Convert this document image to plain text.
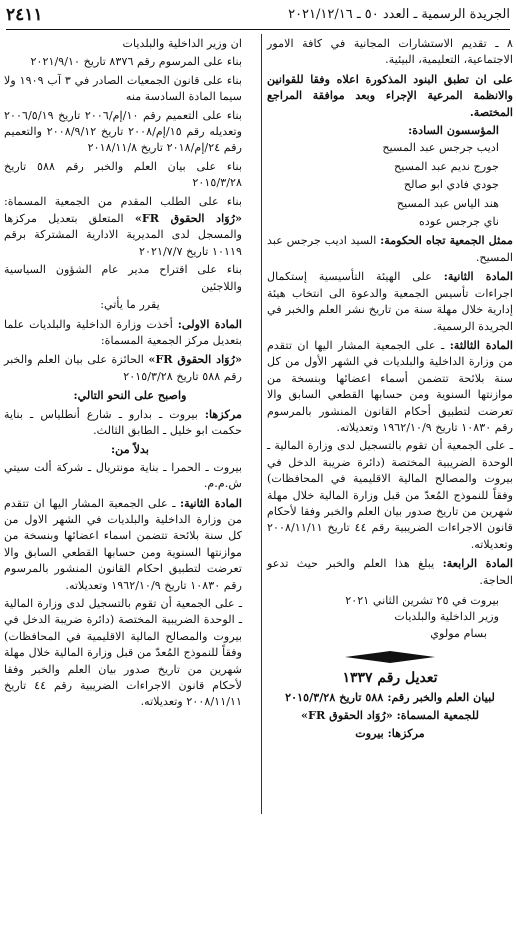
٢٤١١	الجريدة الرسمية ـ العدد ٥٠ ـ ٢٠٢١/١٢/١٦

٨ ـ تقديم الاستشارات المجانية في كافة الامور الاجتماعية، التعليمية، البيئية.

على ان تطبق البنود المذكورة اعلاه وفقا للقوانين والانظمة المرعية الإجراء وبعد موافقة المراجع المختصة.

المؤسسون السادة:

اديب جرجس عبد المسيح

جورج نديم عبد المسيح

جودي فادي ابو صالح

هند الياس عبد المسيح

ناي جرجس عوده

ممثل الجمعية تجاه الحكومة: السيد اديب جرجس عبد المسيح.

المادة الثانية: على الهيئة التأسيسية إستكمال اجراءات تأسيس الجمعية والدعوة الى انتخاب هيئة إدارية خلال مهلة سنة من تاريخ نشر العلم والخبر في الجريدة الرسمية.

المادة الثالثة: ـ على الجمعية المشار اليها ان تتقدم من وزارة الداخلية والبلديات في الشهر الأول من كل سنة بلائحة تتضمن أسماء اعضائها وبنسخة من موازنتها السنوية ومن حسابها القطعي السابق والا تعرضت لتطبيق أحكام القانون المنشور بالمرسوم رقم ١٠٨٣٠ تاريخ ١٩٦٢/١٠/٩ وتعديلاته.

ـ على الجمعية أن تقوم بالتسجيل لدى وزارة المالية ـ الوحدة الضريبية المختصة (دائرة ضريبة الدخل في بيروت والمصالح المالية الاقليمية في المحافظات) وفقاً للنموذج المُعدّ من قبل وزارة المالية خلال مهلة شهرين من تاريخ صدور بيان العلم والخبر وفقا لأحكام قانون الاجراءات الضريبية رقم ٤٤ تاريخ ٢٠٠٨/١١/١١ وتعديلاته.

المادة الرابعة: يبلغ هذا العلم والخبر حيث تدعو الحاجة.

بيروت في ٢٥ تشرين الثاني ٢٠٢١

وزير الداخلية والبلديات

بسام مولوي

تعديل رقم ١٣٣٧

لبيان العلم والخبر رقم: ٥٨٨ تاريخ ٢٠١٥/٣/٢٨

للجمعية المسماة: «رُوَاد الحقوق FR»

مركزها: بيروت

ان وزير الداخلية والبلديات

بناء على المرسوم رقم ٨٣٧٦ تاريخ ٢٠٢١/٩/١٠

بناء على قانون الجمعيات الصادر في ٣ آب ١٩٠٩ ولا سيما المادة السادسة منه

بناء على التعميم رقم ١٠/إم/٢٠٠٦ تاريخ ٢٠٠٦/٥/١٩ وتعديله رقم ١٥/إم/٢٠٠٨ تاريخ ٢٠٠٨/٩/١٢ والتعميم رقم ٢٤/إم/٢٠١٨ تاريخ ٢٠١٨/١١/٨

بناء على بيان العلم والخبر رقم ٥٨٨ تاريخ ٢٠١٥/٣/٢٨

بناء على الطلب المقدم من الجمعية المسماة: «رُوَاد الحقوق FR» المتعلق بتعديل مركزها والمسجل لدى المديرية الادارية المشتركة برقم ١٠١١٩ تاريخ ٢٠٢١/٧/٧

بناء على اقتراح مدير عام الشؤون السياسية واللاجئين

يقرر ما يأتي:

المادة الاولى: أخذت وزارة الداخلية والبلديات علما بتعديل مركز الجمعية المسماة:

«رُوَاد الحقوق FR» الحائزة على بيان العلم والخبر رقم ٥٨٨ تاريخ ٢٠١٥/٣/٢٨

واصبح على النحو التالي:

مركزها: بيروت ـ بدارو ـ شارع أنطلياس ـ بناية حكمت ابو خليل ـ الطابق الثالث.

بدلاً من:

بيروت ـ الحمرا ـ بناية مونتريال ـ شركة ألت سيتي ش.م.م.

المادة الثانية: ـ على الجمعية المشار اليها ان تتقدم من وزارة الداخلية والبلديات في الشهر الاول من كل سنة بلائحة تتضمن اسماء اعضائها وبنسخة من موازنتها السنوية ومن حسابها القطعي السابق والا تعرضت لتطبيق احكام القانون المنشور بالمرسوم رقم ١٠٨٣٠ تاريخ ١٩٦٢/١٠/٩ وتعديلاته.

ـ على الجمعية أن تقوم بالتسجيل لدى وزارة المالية ـ الوحدة الضريبية المختصة (دائرة ضريبة الدخل في بيروت والمصالح المالية الاقليمية في المحافظات) وفقاً للنموذج المُعدّ من قبل وزارة المالية خلال مهلة شهرين من تاريخ صدور بيان العلم والخبر وفقا لأحكام قانون الاجراءات الضريبية رقم ٤٤ تاريخ ٢٠٠٨/١١/١١ وتعديلاته.
